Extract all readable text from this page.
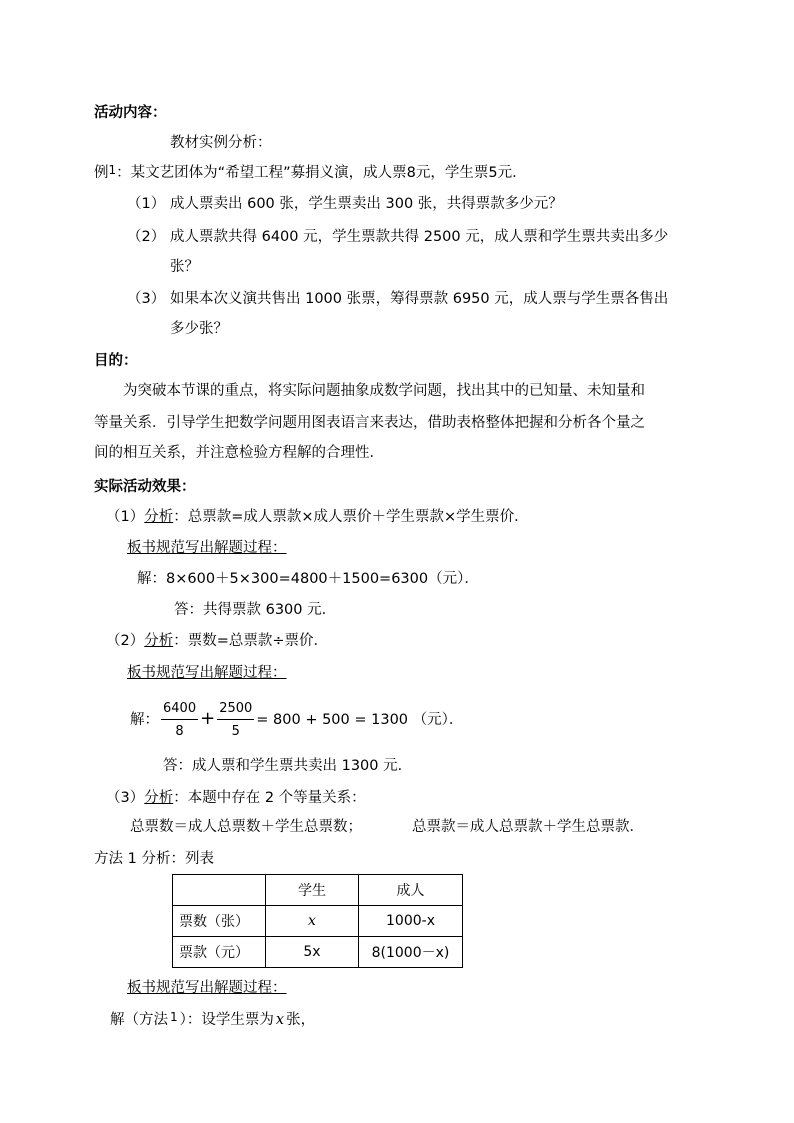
活动内容：
教材实例分析：
例$^1$：某文艺团体为“希望工程”募捐义演，成人票8元，学生票5元．
（1） 成人票卖出 600 张，学生票卖出 300 张，共得票款多少元？
（2） 成人票款共得 6400 元，学生票款共得 2500 元，成人票和学生票共卖出多少
张？
（3） 如果本次义演共售出 1000 张票，筹得票款 6950 元，成人票与学生票各售出
多少张？
目的：
为突破本节课的重点，将实际问题抽象成数学问题，找出其中的已知量、未知量和
等量关系．引导学生把数学问题用图表语言来表达，借助表格整体把握和分析各个量之
间的相互关系，并注意检验方程解的合理性．
实际活动效果：
（1）分析：总票款=成人票款×成人票价＋学生票款×学生票价．
板书规范写出解题过程：
解：8×600＋5×300=4800＋1500=6300（元）．
答：共得票款 6300 元．
（2）分析：票数=总票款÷票价．
板书规范写出解题过程：
解： $\frac{6400}{8} + \frac{2500}{5} = 800 + 500 = 1300$ （元）．
答：成人票和学生票共卖出 1300 元．
（3）分析：本题中存在 2 个等量关系：
总票数＝成人总票数＋学生总票数；	总票款＝成人总票款＋学生总票款．
方法 1 分析：列表
	学生	成人
票数（张）	x	1000-x
票款（元）	5x	8(1000－x)
板书规范写出解题过程：
解（方法 $^1$ ）：设学生票为 x 张，
